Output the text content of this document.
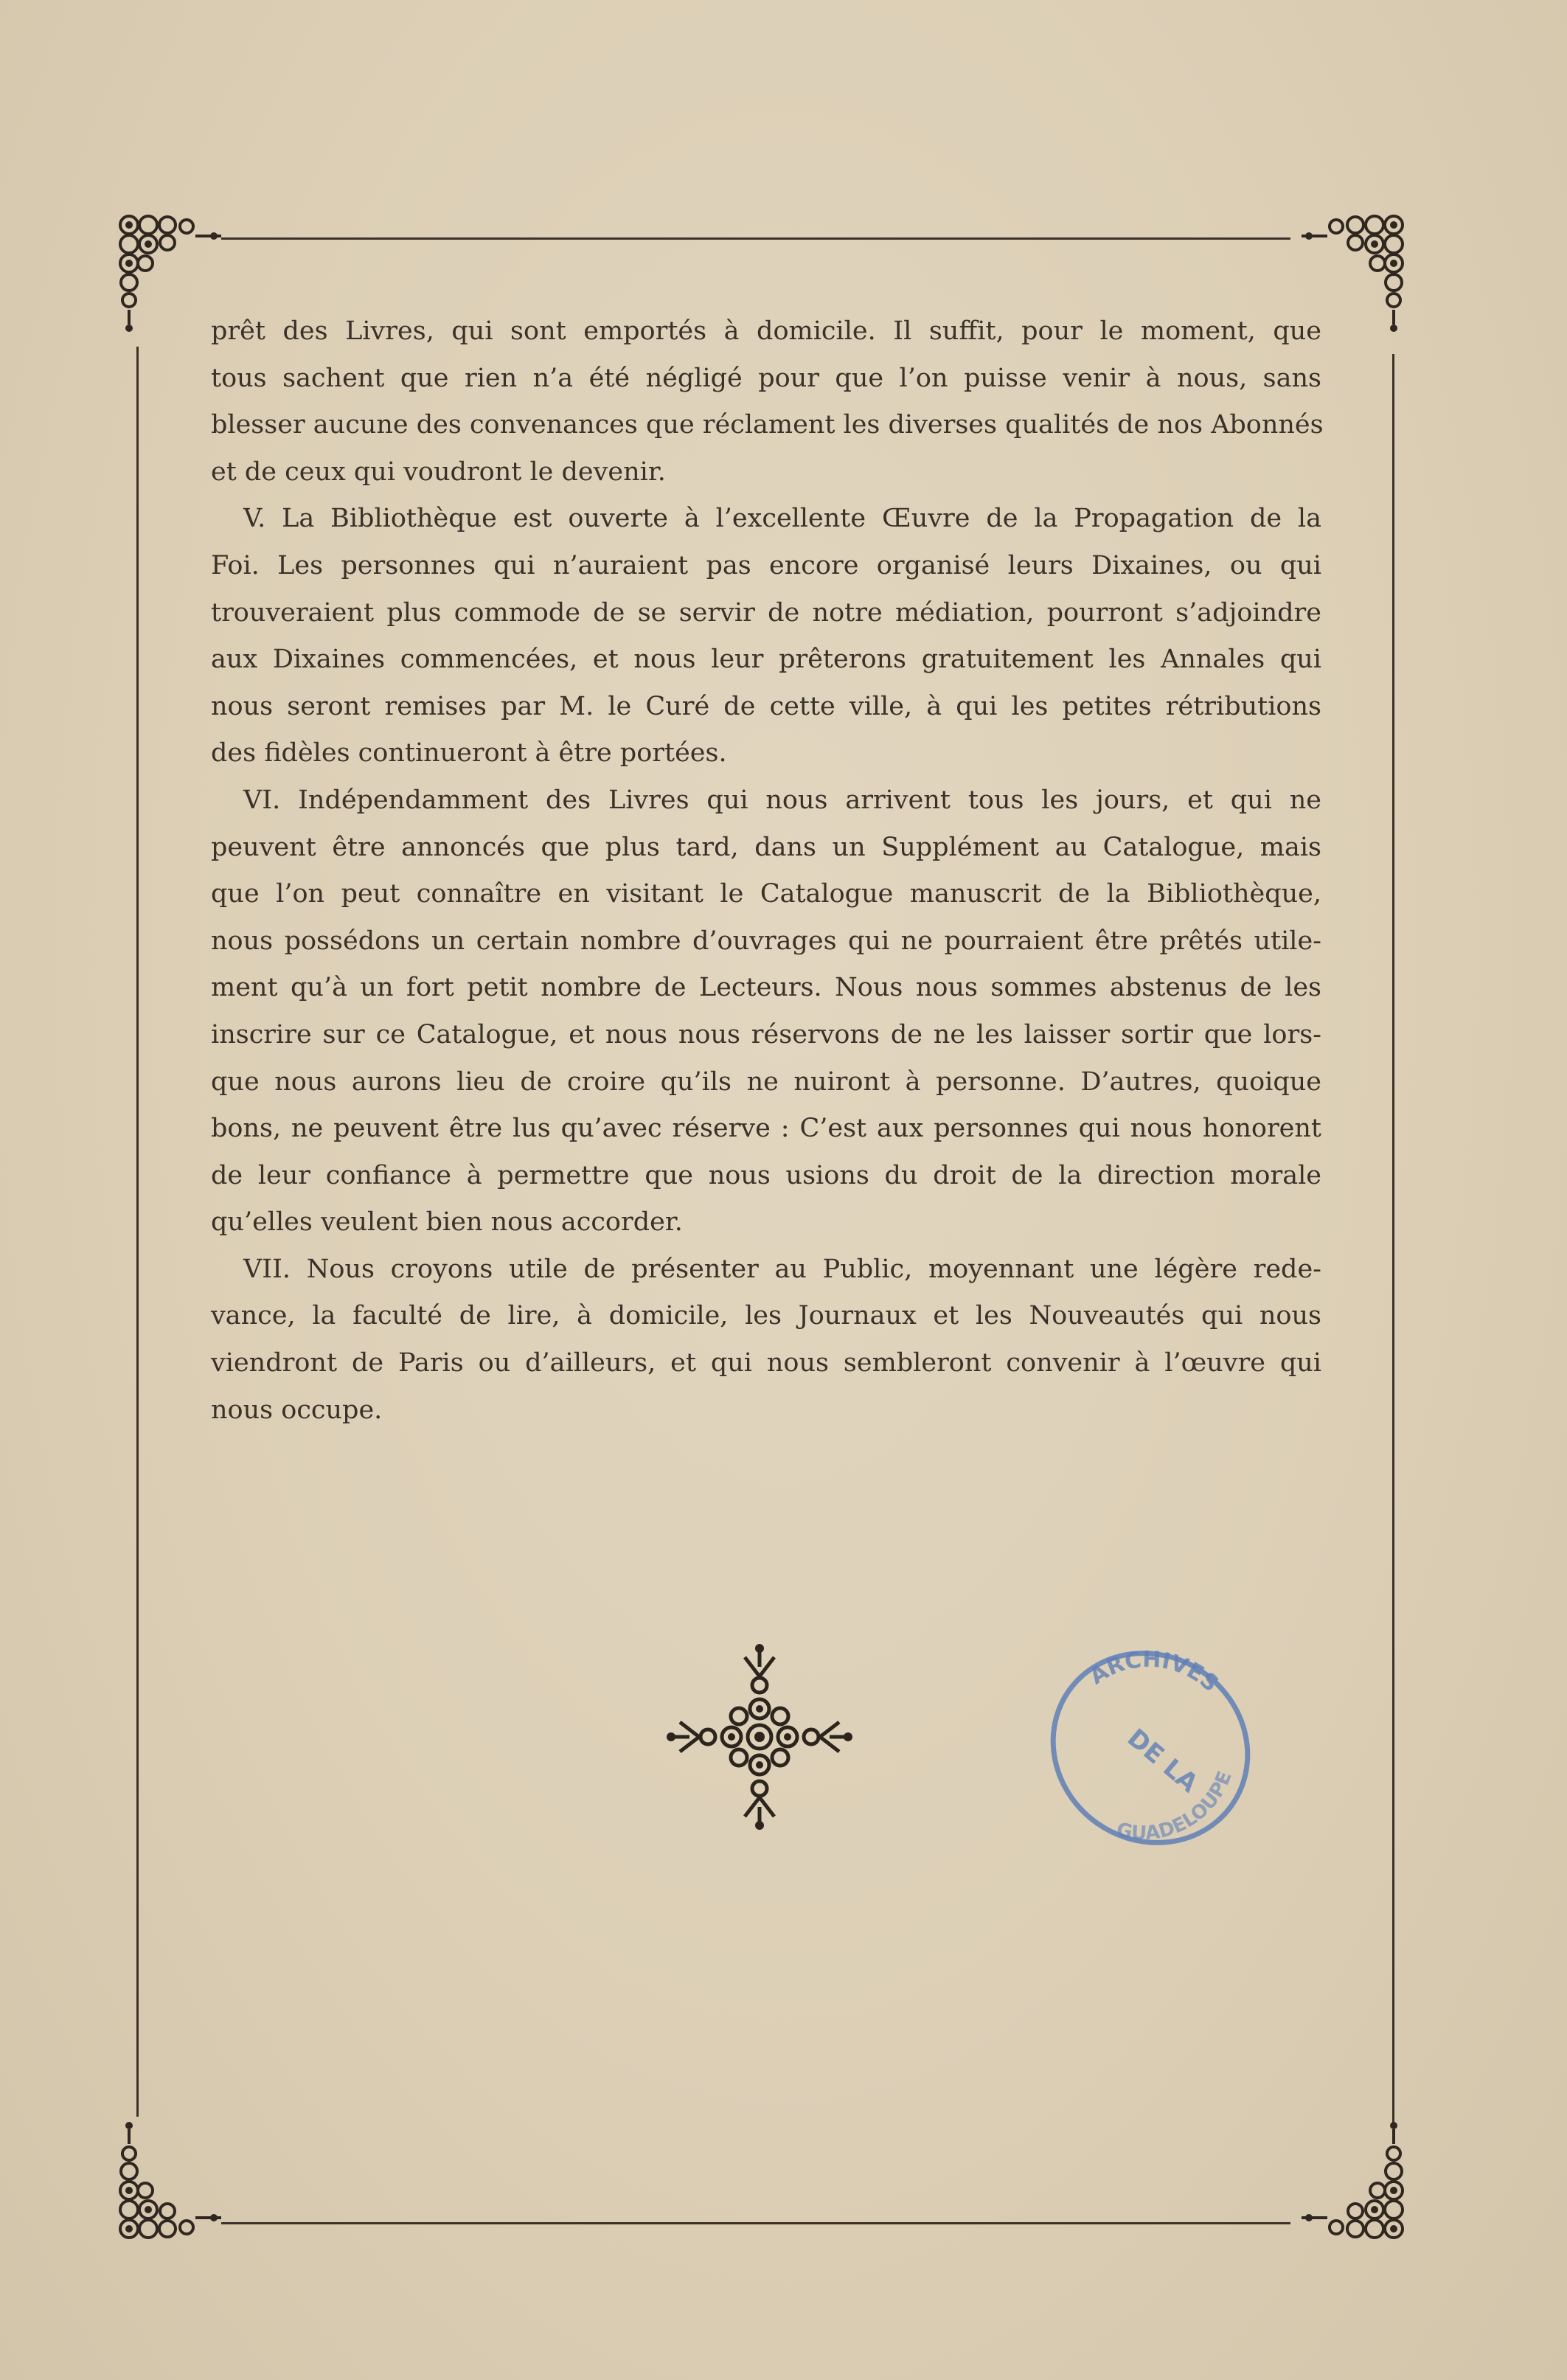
prêt des Livres, qui sont emportés à domicile. Il suffit, pour le moment, que
tous sachent que rien n’a été négligé pour que l’on puisse venir à nous, sans
blesser aucune des convenances que réclament les diverses qualités de nos Abonnés
et de ceux qui voudront le devenir.
V. La Bibliothèque est ouverte à l’excellente Œuvre de la Propagation de la
Foi. Les personnes qui n’auraient pas encore organisé leurs Dixaines, ou qui
trouveraient plus commode de se servir de notre médiation, pourront s’adjoindre
aux Dixaines commencées, et nous leur prêterons gratuitement les Annales qui
nous seront remises par M. le Curé de cette ville, à qui les petites rétributions
des fidèles continueront à être portées.
VI. Indépendamment des Livres qui nous arrivent tous les jours, et qui ne
peuvent être annoncés que plus tard, dans un Supplément au Catalogue, mais
que l’on peut connaître en visitant le Catalogue manuscrit de la Bibliothèque,
nous possédons un certain nombre d’ouvrages qui ne pourraient être prêtés utile-
ment qu’à un fort petit nombre de Lecteurs. Nous nous sommes abstenus de les
inscrire sur ce Catalogue, et nous nous réservons de ne les laisser sortir que lors-
que nous aurons lieu de croire qu’ils ne nuiront à personne. D’autres, quoique
bons, ne peuvent être lus qu’avec réserve : C’est aux personnes qui nous honorent
de leur confiance à permettre que nous usions du droit de la direction morale
qu’elles veulent bien nous accorder.
VII. Nous croyons utile de présenter au Public, moyennant une légère rede-
vance, la faculté de lire, à domicile, les Journaux et les Nouveautés qui nous
viendront de Paris ou d’ailleurs, et qui nous sembleront convenir à l’œuvre qui
nous occupe.
ARCHIVES
DE LA
GUADELOUPE
